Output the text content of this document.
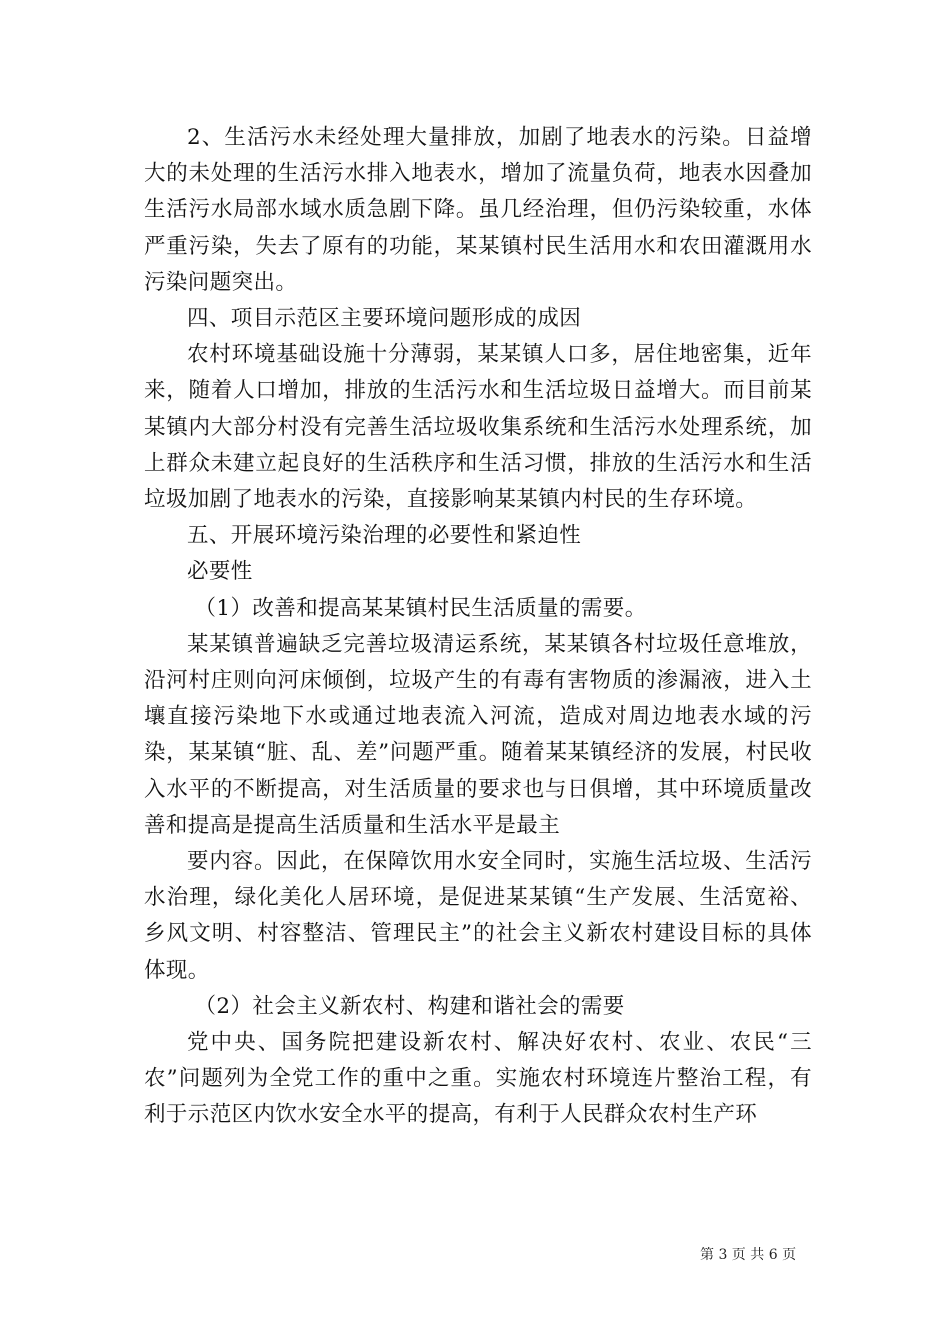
2、生活污水未经处理大量排放，加剧了地表水的污染。日益增大的未处理的生活污水排入地表水，增加了流量负荷，地表水因叠加生活污水局部水域水质急剧下降。虽几经治理，但仍污染较重，水体严重污染，失去了原有的功能，某某镇村民生活用水和农田灌溉用水污染问题突出。

四、项目示范区主要环境问题形成的成因

农村环境基础设施十分薄弱，某某镇人口多，居住地密集，近年来，随着人口增加，排放的生活污水和生活垃圾日益增大。而目前某某镇内大部分村没有完善生活垃圾收集系统和生活污水处理系统，加上群众未建立起良好的生活秩序和生活习惯，排放的生活污水和生活垃圾加剧了地表水的污染，直接影响某某镇内村民的生存环境。

五、开展环境污染治理的必要性和紧迫性

必要性

（1）改善和提高某某镇村民生活质量的需要。

某某镇普遍缺乏完善垃圾清运系统，某某镇各村垃圾任意堆放，沿河村庄则向河床倾倒，垃圾产生的有毒有害物质的渗漏液，进入土壤直接污染地下水或通过地表流入河流，造成对周边地表水域的污染，某某镇“脏、乱、差”问题严重。随着某某镇经济的发展，村民收入水平的不断提高，对生活质量的要求也与日俱增，其中环境质量改善和提高是提高生活质量和生活水平是最主

要内容。因此，在保障饮用水安全同时，实施生活垃圾、生活污水治理，绿化美化人居环境，是促进某某镇“生产发展、生活宽裕、乡风文明、村容整洁、管理民主”的社会主义新农村建设目标的具体体现。

（2）社会主义新农村、构建和谐社会的需要

党中央、国务院把建设新农村、解决好农村、农业、农民“三农”问题列为全党工作的重中之重。实施农村环境连片整治工程，有利于示范区内饮水安全水平的提高，有利于人民群众农村生产环

第 3 页 共 6 页
